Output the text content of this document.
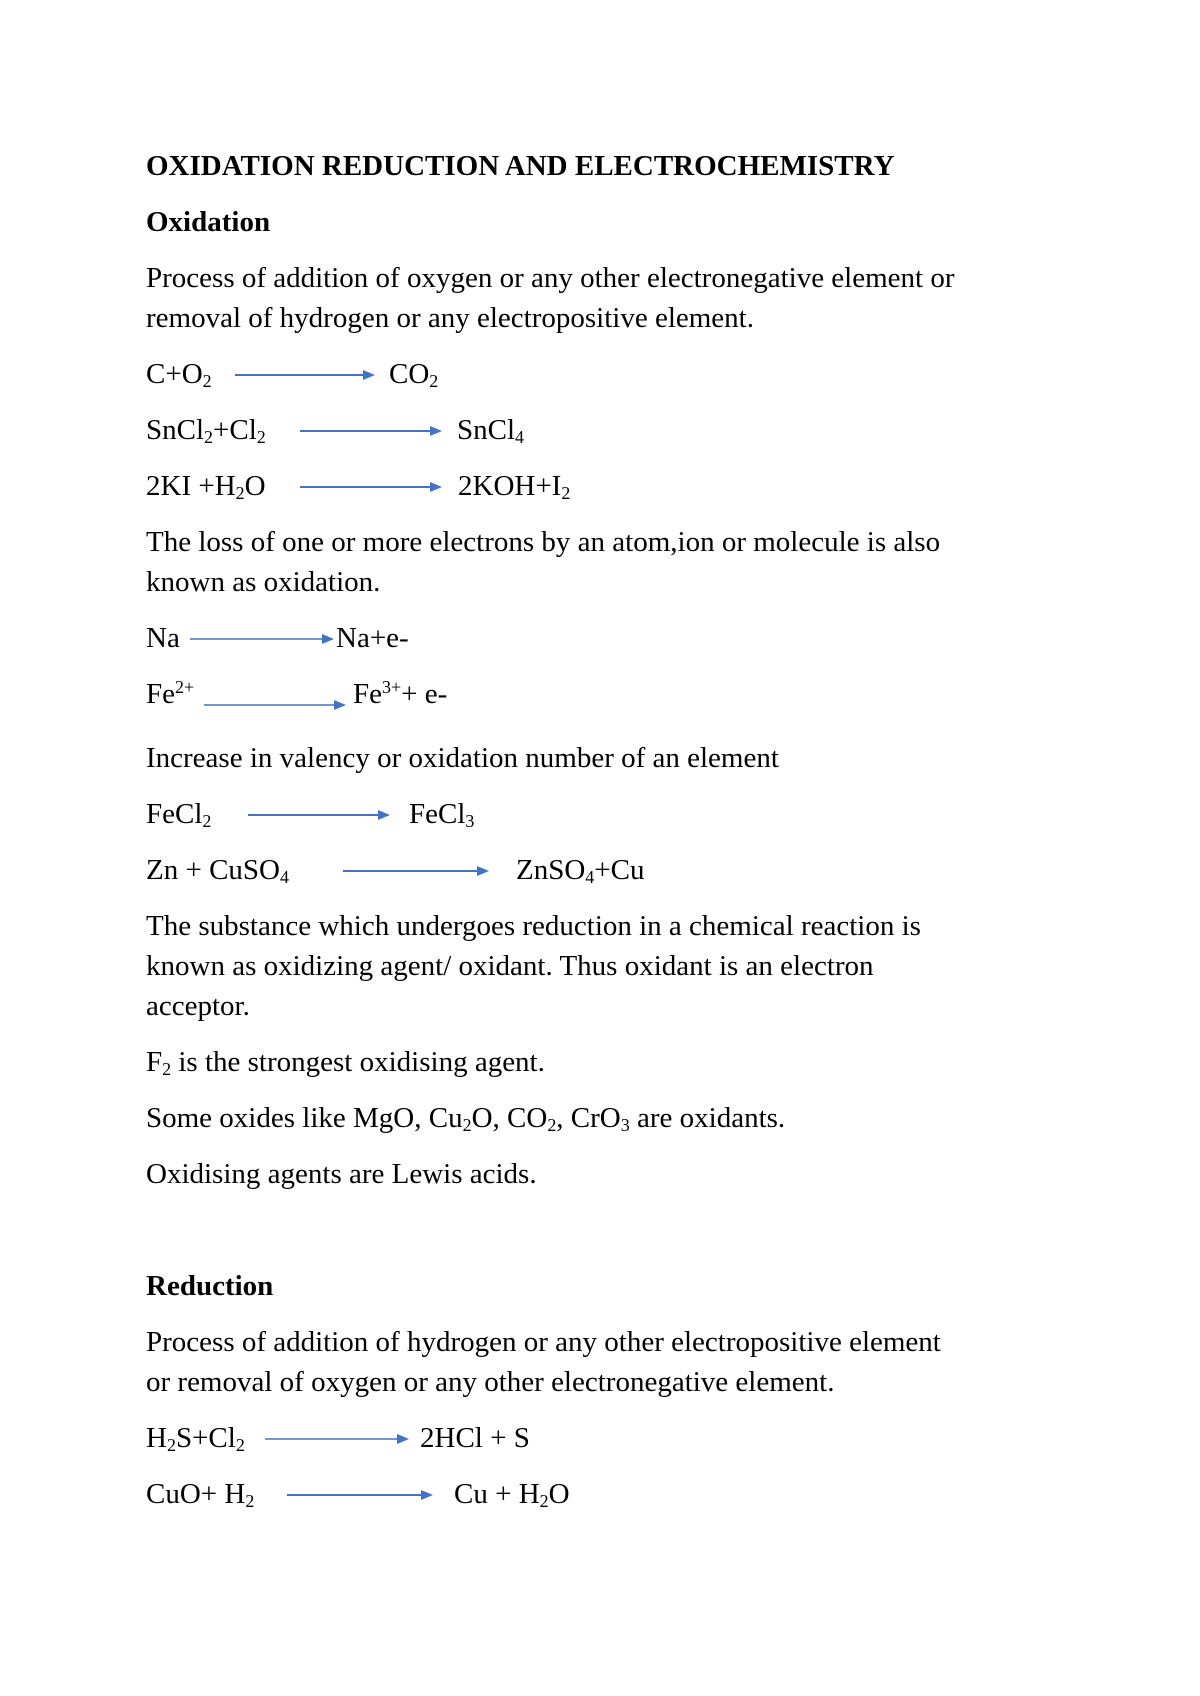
OXIDATION REDUCTION AND ELECTROCHEMISTRY
Oxidation
Process of addition of oxygen or any other electronegative element or
removal of hydrogen or any electropositive element.
$C+O_2$	$CO_2$
$SnCl_2+Cl_2$	SnCl$_4$
$2KI +H_2O$	$2KOH+I_2$
The loss of one or more electrons by an atom,ion or molecule is also
known as oxidation.
Na	Na+e-
$Fe^{2+}$	$Fe^{3+}+ e-$
Increase in valency or oxidation number of an element
FeCl$_2$	FeCl$_3$
Zn + CuSO$_4$	ZnSO$_4$+Cu
The substance which undergoes reduction in a chemical reaction is
known as oxidizing agent/ oxidant. Thus oxidant is an electron
acceptor.
$F_2$ is the strongest oxidising agent.
Some oxides like MgO, $Cu_2O$, $CO_2$, CrO$_3$ are oxidants.
Oxidising agents are Lewis acids.
Reduction
Process of addition of hydrogen or any other electropositive element
or removal of oxygen or any other electronegative element.
$H_2S+Cl_2$	2HCl + S
$CuO+ H_2$	$Cu + H_2O$
